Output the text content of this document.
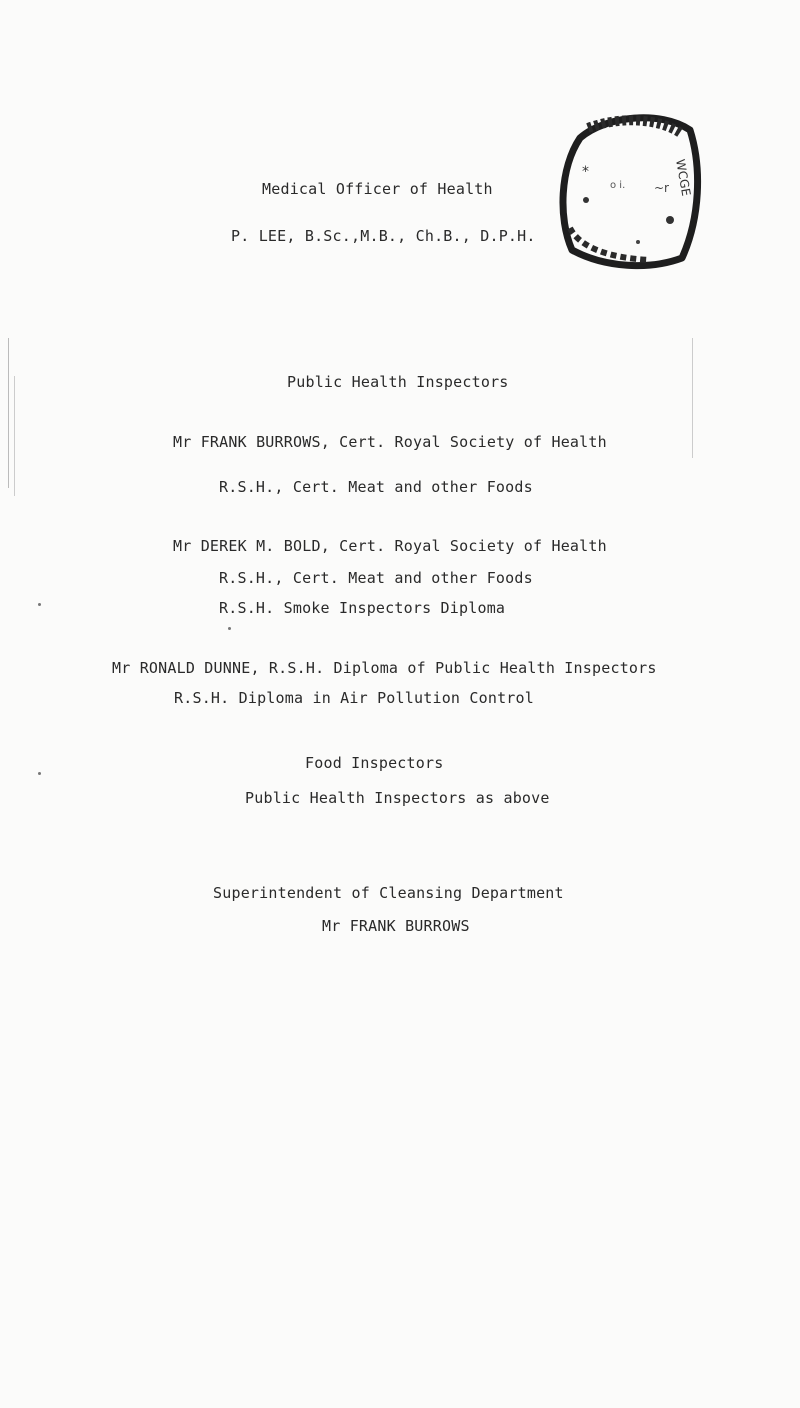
WCGE
*
o i. ~r
Medical Officer of Health
P. LEE, B.Sc.,M.B., Ch.B., D.P.H.
Public Health Inspectors
Mr FRANK BURROWS, Cert. Royal Society of Health
R.S.H., Cert. Meat and other Foods
Mr DEREK M. BOLD, Cert. Royal Society of Health
R.S.H., Cert. Meat and other Foods
R.S.H. Smoke Inspectors Diploma
Mr RONALD DUNNE, R.S.H. Diploma of Public Health Inspectors
R.S.H. Diploma in Air Pollution Control
Food Inspectors
Public Health Inspectors as above
Superintendent of Cleansing Department
Mr FRANK BURROWS
